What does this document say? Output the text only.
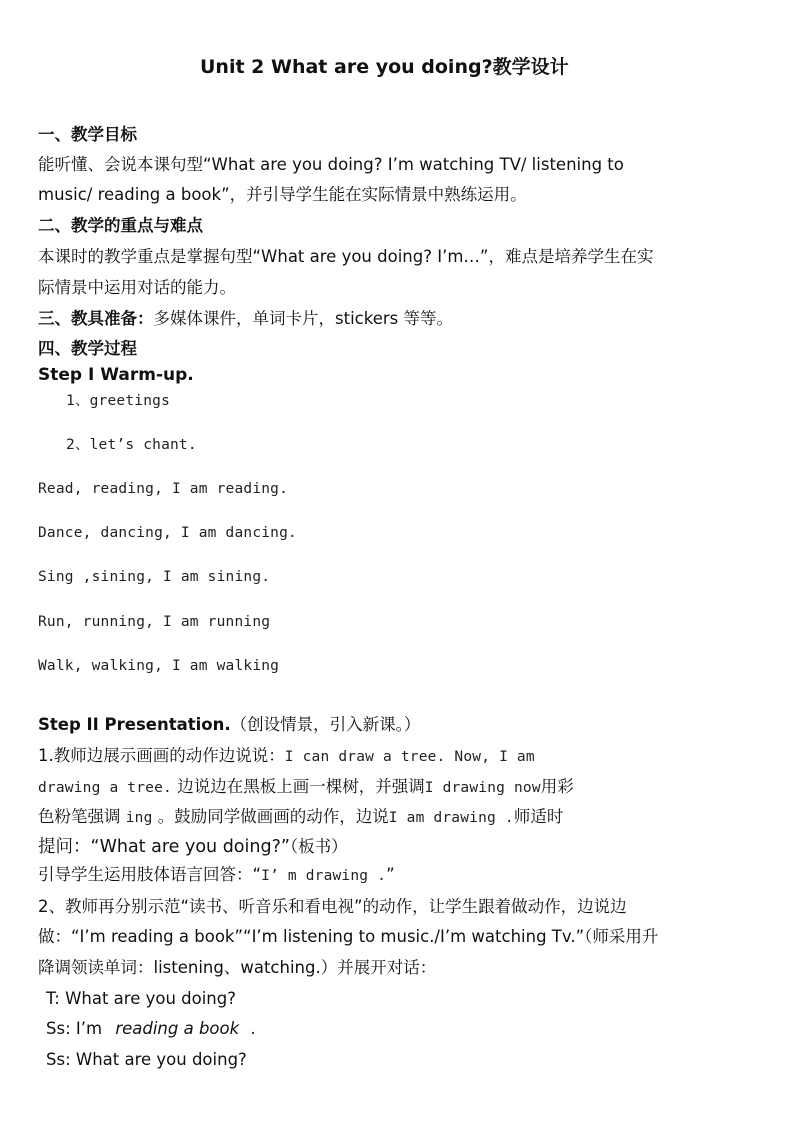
Unit 2 What are you doing?教学设计
一、教学目标
能听懂、会说本课句型“What are you doing? I’m watching TV/ listening to
music/ reading a book”，并引导学生能在实际情景中熟练运用。
二、教学的重点与难点
本课时的教学重点是掌握句型“What are you doing? I’m…”，难点是培养学生在实
际情景中运用对话的能力。
三、教具准备：多媒体课件，单词卡片，stickers 等等。
四、教学过程
Step I Warm-up.
1、greetings
2、let’s chant.
Read, reading, I am reading.
Dance, dancing, I am dancing.
Sing ,sining, I am sining.
Run, running, I am running
Walk, walking, I am walking
Step II Presentation.（创设情景，引入新课。）
1.教师边展示画画的动作边说说：I can draw a tree. Now, I am
drawing a tree. 边说边在黑板上画一棵树，并强调I drawing now用彩
色粉笔强调 ing 。鼓励同学做画画的动作，边说I am drawing .师适时
提问：“What are you doing?”（板书）
引导学生运用肢体语言回答：“I’ m drawing .”
2、教师再分别示范“读书、听音乐和看电视”的动作，让学生跟着做动作，边说边
做：“I’m reading a book”“I’m listening to music./I’m watching Tv.”（师采用升
降调领读单词：listening、watching.）并展开对话：
T: What are you doing?
Ss: I’m reading a book .
Ss: What are you doing?
